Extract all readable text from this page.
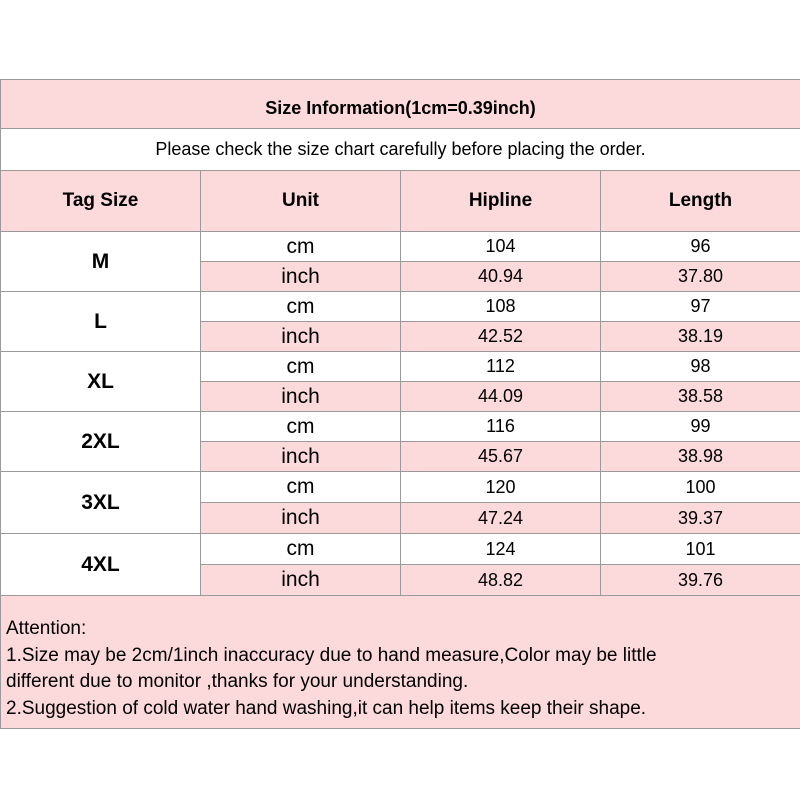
Size Information(1cm=0.39inch)			
Please check the size chart carefully before placing the order.			
Tag Size	Unit	Hipline	Length
M	cm	104	96
	inch	40.94	37.80
L	cm	108	97
	inch	42.52	38.19
XL	cm	112	98
	inch	44.09	38.58
2XL	cm	116	99
	inch	45.67	38.98
3XL	cm	120	100
	inch	47.24	39.37
4XL	cm	124	101
	inch	48.82	39.76

Attention:
1.Size may be 2cm/1inch inaccuracy due to hand measure,Color may be little
different due to monitor ,thanks for your understanding.
2.Suggestion of cold water hand washing,it can help items keep their shape.			
